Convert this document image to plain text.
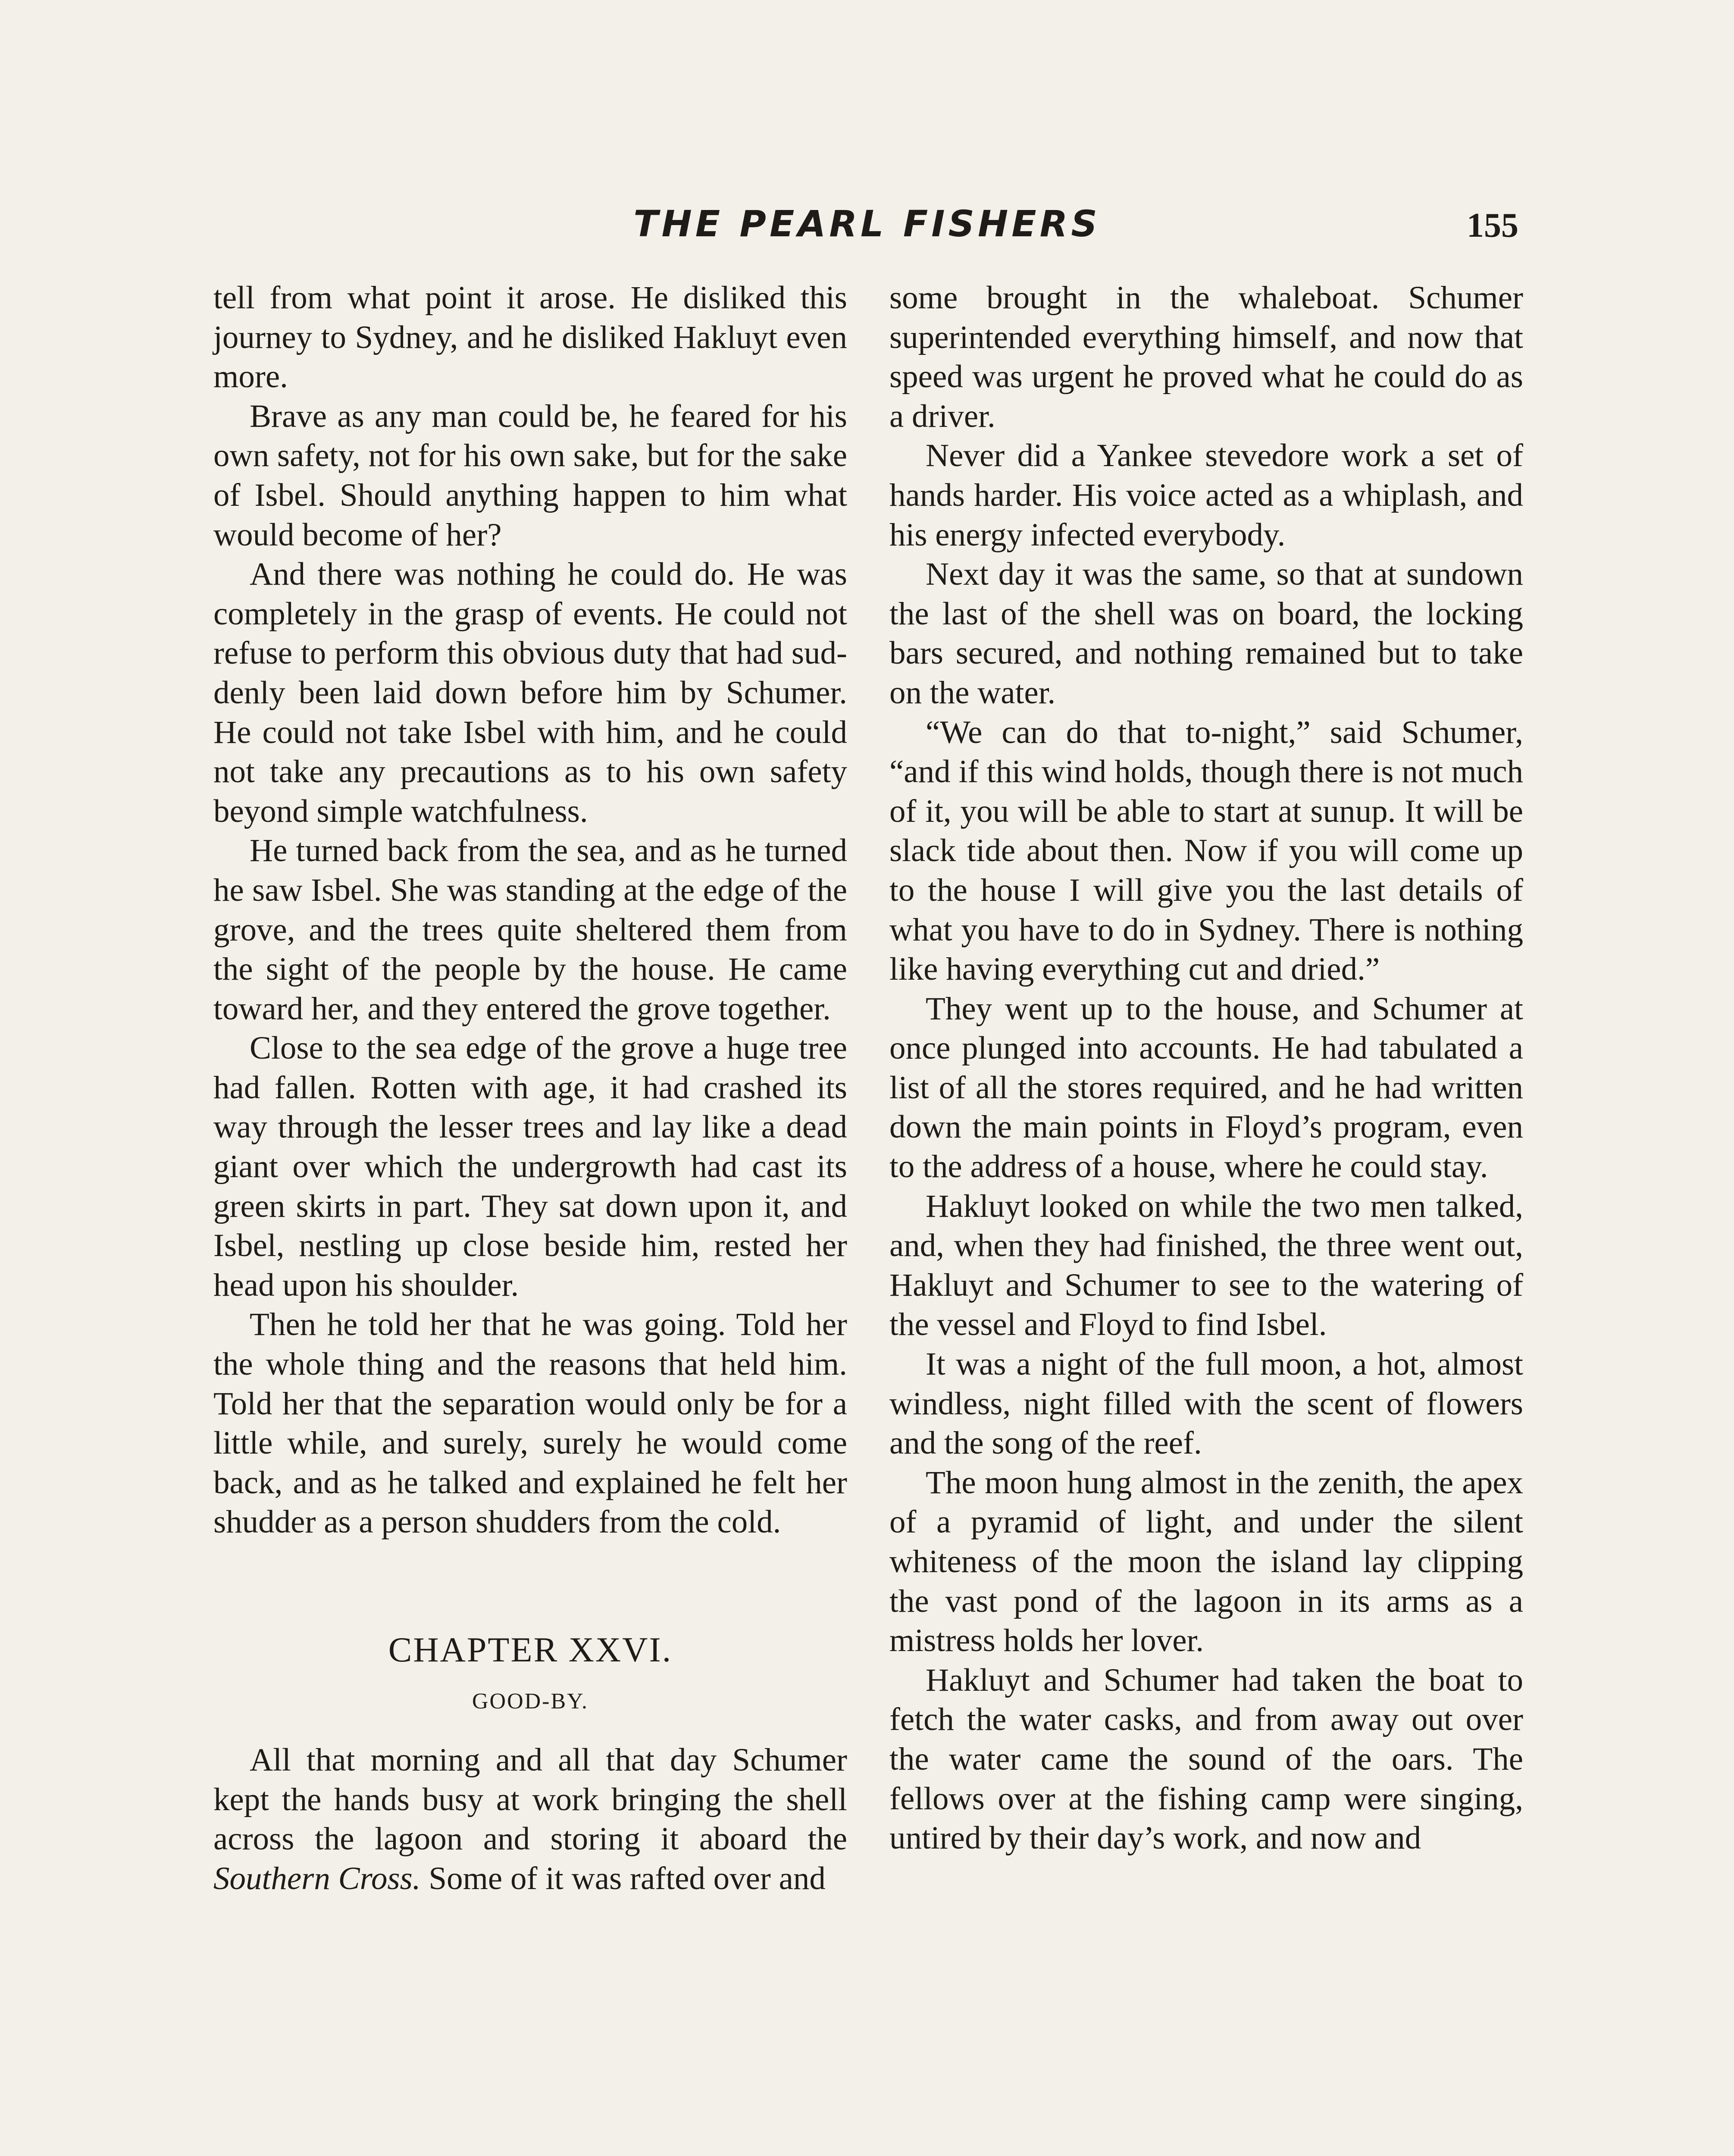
THE PEARL FISHERS	155

tell from what point it arose. He disliked this journey to Sydney, and he disliked Hakluyt even more.

Brave as any man could be, he feared for his own safety, not for his own sake, but for the sake of Isbel. Should anything happen to him what would become of her?

And there was nothing he could do. He was completely in the grasp of events. He could not refuse to perform this obvious duty that had suddenly been laid down before him by Schumer. He could not take Isbel with him, and he could not take any precautions as to his own safety beyond simple watchfulness.

He turned back from the sea, and as he turned he saw Isbel. She was standing at the edge of the grove, and the trees quite sheltered them from the sight of the people by the house. He came toward her, and they entered the grove together.

Close to the sea edge of the grove a huge tree had fallen. Rotten with age, it had crashed its way through the lesser trees and lay like a dead giant over which the undergrowth had cast its green skirts in part. They sat down upon it, and Isbel, nestling up close beside him, rested her head upon his shoulder.

Then he told her that he was going. Told her the whole thing and the reasons that held him. Told her that the separation would only be for a little while, and surely, surely he would come back, and as he talked and explained he felt her shudder as a person shudders from the cold.

CHAPTER XXVI.
GOOD-BY.

All that morning and all that day Schumer kept the hands busy at work bringing the shell across the lagoon and storing it aboard the Southern Cross. Some of it was rafted over and

some brought in the whaleboat. Schumer superintended everything himself, and now that speed was urgent he proved what he could do as a driver.

Never did a Yankee stevedore work a set of hands harder. His voice acted as a whiplash, and his energy infected everybody.

Next day it was the same, so that at sundown the last of the shell was on board, the locking bars secured, and nothing remained but to take on the water.

“We can do that to-night,” said Schumer, “and if this wind holds, though there is not much of it, you will be able to start at sunup. It will be slack tide about then. Now if you will come up to the house I will give you the last details of what you have to do in Sydney. There is nothing like having everything cut and dried.”

They went up to the house, and Schumer at once plunged into accounts. He had tabulated a list of all the stores required, and he had written down the main points in Floyd’s program, even to the address of a house, where he could stay.

Hakluyt looked on while the two men talked, and, when they had finished, the three went out, Hakluyt and Schumer to see to the watering of the vessel and Floyd to find Isbel.

It was a night of the full moon, a hot, almost windless, night filled with the scent of flowers and the song of the reef.

The moon hung almost in the zenith, the apex of a pyramid of light, and under the silent whiteness of the moon the island lay clipping the vast pond of the lagoon in its arms as a mistress holds her lover.

Hakluyt and Schumer had taken the boat to fetch the water casks, and from away out over the water came the sound of the oars. The fellows over at the fishing camp were singing, untired by their day’s work, and now and
